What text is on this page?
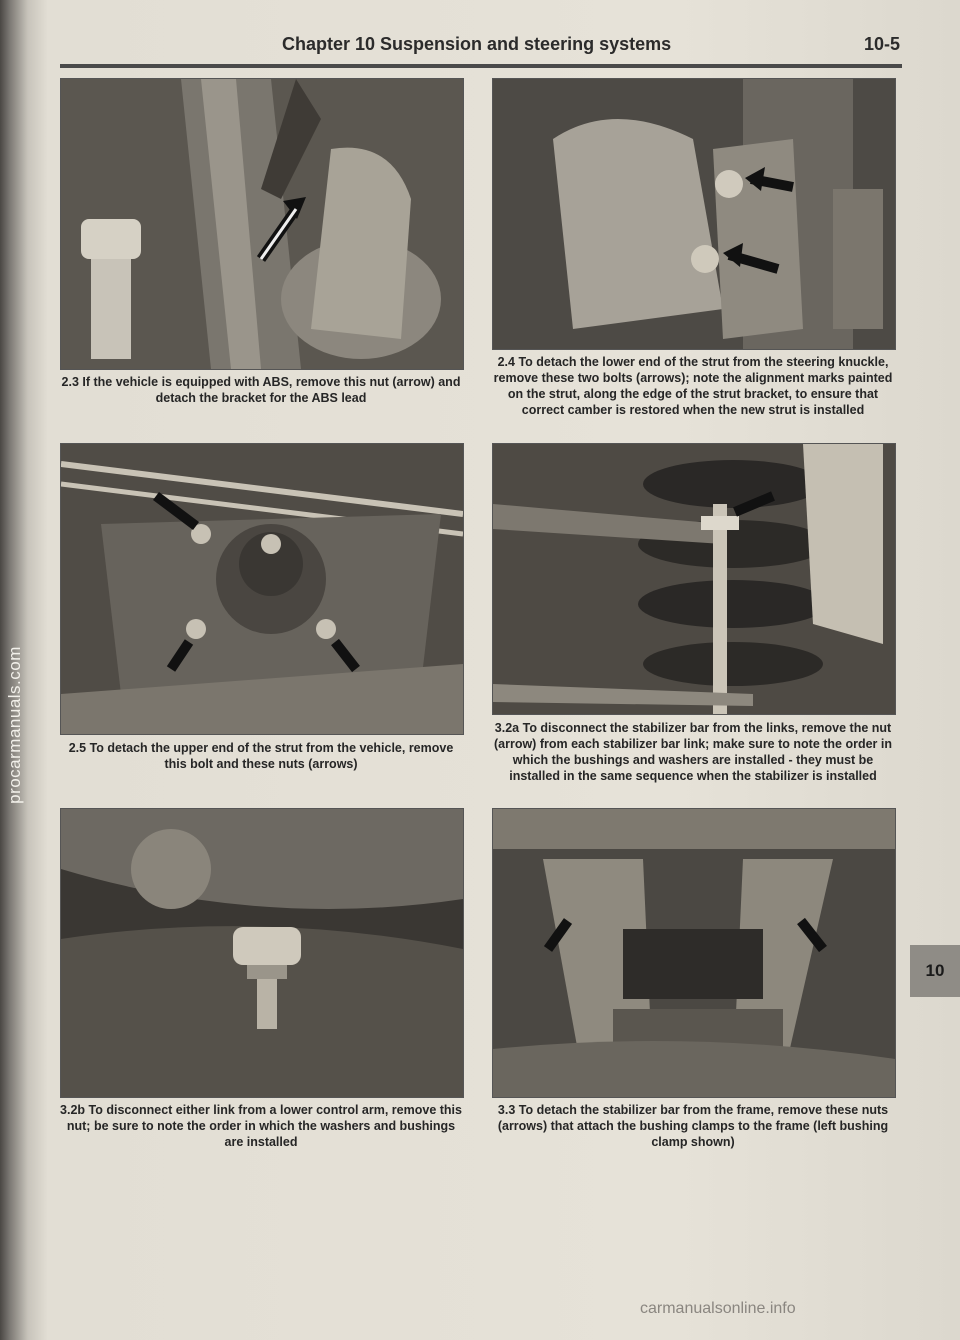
procarmanuals.com
Chapter 10 Suspension and steering systems	10-5
2.3 If the vehicle is equipped with ABS, remove this nut (arrow) and detach the bracket for the ABS lead
2.4 To detach the lower end of the strut from the steering knuckle, remove these two bolts (arrows); note the alignment marks painted on the strut, along the edge of the strut bracket, to ensure that correct camber is restored when the new strut is installed
2.5 To detach the upper end of the strut from the vehicle, remove this bolt and these nuts (arrows)
3.2a To disconnect the stabilizer bar from the links, remove the nut (arrow) from each stabilizer bar link; make sure to note the order in which the bushings and washers are installed - they must be installed in the same sequence when the stabilizer is installed
3.2b To disconnect either link from a lower control arm, remove this nut; be sure to note the order in which the washers and bushings are installed
3.3 To detach the stabilizer bar from the frame, remove these nuts (arrows) that attach the bushing clamps to the frame (left bushing clamp shown)
10
carmanualsonline.info
